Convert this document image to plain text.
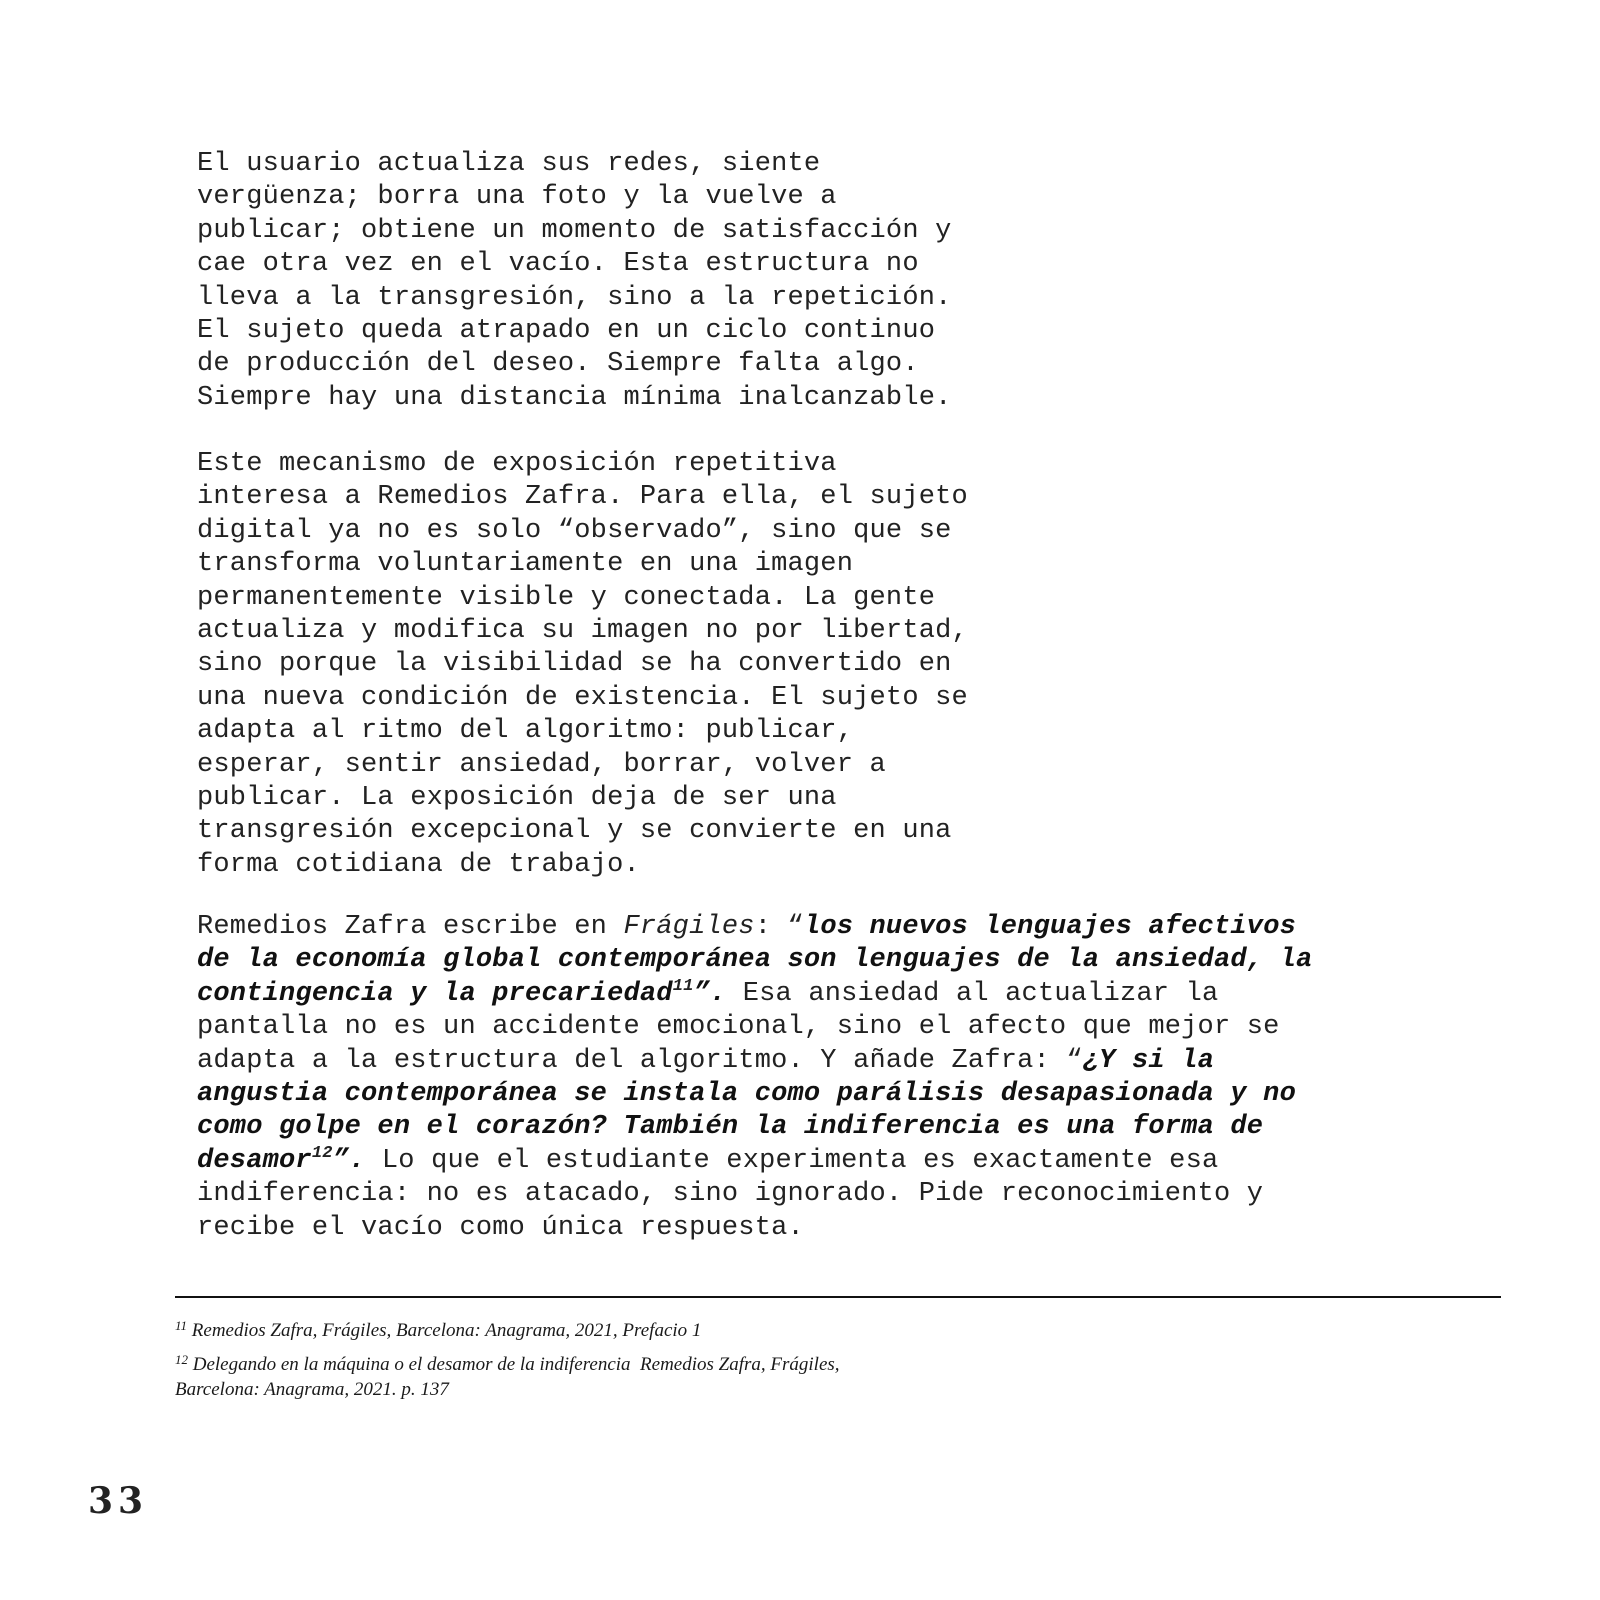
El usuario actualiza sus redes, siente
vergüenza; borra una foto y la vuelve a
publicar; obtiene un momento de satisfacción y
cae otra vez en el vacío. Esta estructura no
lleva a la transgresión, sino a la repetición.
El sujeto queda atrapado en un ciclo continuo
de producción del deseo. Siempre falta algo.
Siempre hay una distancia mínima inalcanzable.
Este mecanismo de exposición repetitiva
interesa a Remedios Zafra. Para ella, el sujeto
digital ya no es solo “observado”, sino que se
transforma voluntariamente en una imagen
permanentemente visible y conectada. La gente
actualiza y modifica su imagen no por libertad,
sino porque la visibilidad se ha convertido en
una nueva condición de existencia. El sujeto se
adapta al ritmo del algoritmo: publicar,
esperar, sentir ansiedad, borrar, volver a
publicar. La exposición deja de ser una
transgresión excepcional y se convierte en una
forma cotidiana de trabajo.
Remedios Zafra escribe en Frágiles: “los nuevos lenguajes afectivos
de la economía global contemporánea son lenguajes de la ansiedad, la
contingencia y la precariedad$^{11}$”. Esa ansiedad al actualizar la
pantalla no es un accidente emocional, sino el afecto que mejor se
adapta a la estructura del algoritmo. Y añade Zafra: “¿Y si la
angustia contemporánea se instala como parálisis desapasionada y no
como golpe en el corazón? También la indiferencia es una forma de
desamor$^{12}$”. Lo que el estudiante experimenta es exactamente esa
indiferencia: no es atacado, sino ignorado. Pide reconocimiento y
recibe el vacío como única respuesta.
$^{11}$ Remedios Zafra, Frágiles, Barcelona: Anagrama, 2021, Prefacio 1
$^{12}$ Delegando en la máquina o el desamor de la indiferencia  Remedios Zafra, Frágiles,
Barcelona: Anagrama, 2021. p. 137
33
